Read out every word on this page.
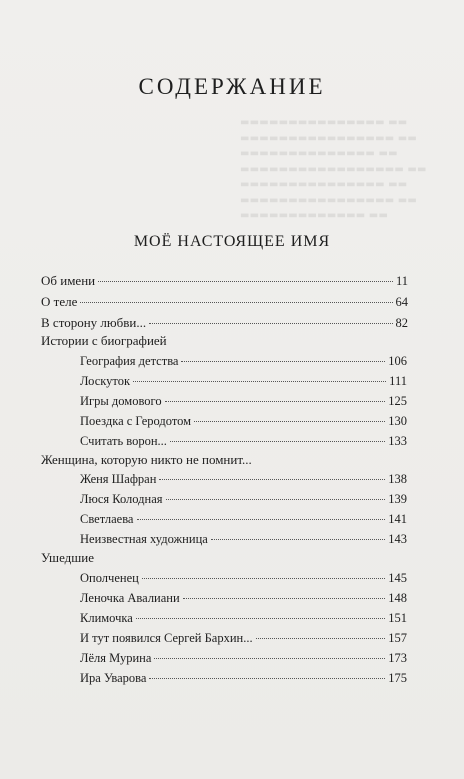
▬▬▬▬▬▬▬▬▬▬▬▬▬▬▬ ▬▬
▬▬▬▬▬▬▬▬▬▬▬▬▬▬▬▬ ▬▬
▬▬▬▬▬▬▬▬▬▬▬▬▬▬ ▬▬
▬▬▬▬▬▬▬▬▬▬▬▬▬▬▬▬▬ ▬▬
▬▬▬▬▬▬▬▬▬▬▬▬▬▬▬ ▬▬
▬▬▬▬▬▬▬▬▬▬▬▬▬▬▬▬ ▬▬
▬▬▬▬▬▬▬▬▬▬▬▬▬ ▬▬
СОДЕРЖАНИЕ
МОЁ НАСТОЯЩЕЕ ИМЯ
Об имени	11
О теле	64
В сторону любви...	82
Истории с биографией
География детства	106
Лоскуток	111
Игры домового	125
Поездка с Геродотом	130
Считать ворон...	133
Женщина, которую никто не помнит...
Женя Шафран	138
Люся Колодная	139
Светлаева	141
Неизвестная художница	143
Ушедшие
Ополченец	145
Леночка Авалиани	148
Климочка	151
И тут появился Сергей Бархин...	157
Лёля Мурина	173
Ира Уварова	175
